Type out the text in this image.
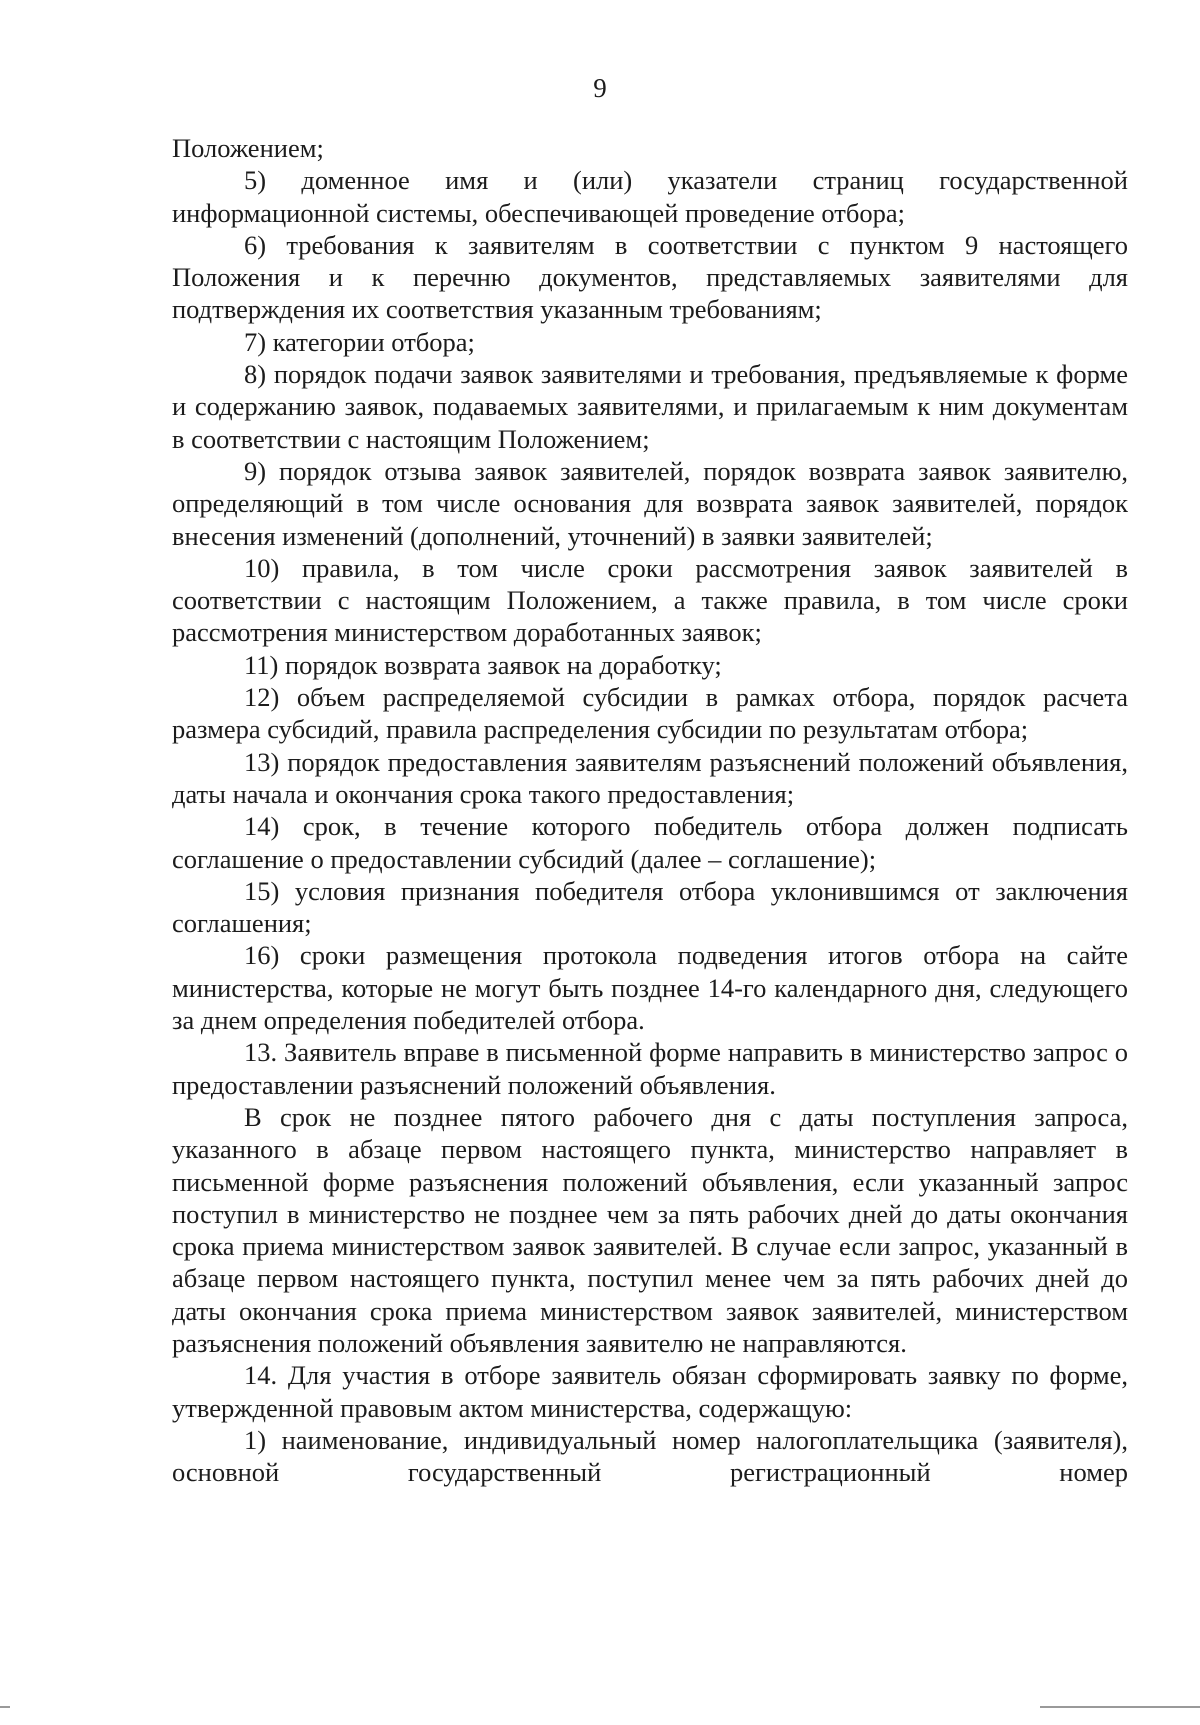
9

Положением;

5) доменное имя и (или) указатели страниц государственной информационной системы, обеспечивающей проведение отбора;

6) требования к заявителям в соответствии с пунктом 9 настоящего Положения и к перечню документов, представляемых заявителями для подтверждения их соответствия указанным требованиям;

7) категории отбора;

8) порядок подачи заявок заявителями и требования, предъявляемые к форме и содержанию заявок, подаваемых заявителями, и прилагаемым к ним документам в соответствии с настоящим Положением;

9) порядок отзыва заявок заявителей, порядок возврата заявок заявителю, определяющий в том числе основания для возврата заявок заявителей, порядок внесения изменений (дополнений, уточнений) в заявки заявителей;

10) правила, в том числе сроки рассмотрения заявок заявителей в соответствии с настоящим Положением, а также правила, в том числе сроки рассмотрения министерством доработанных заявок;

11) порядок возврата заявок на доработку;

12) объем распределяемой субсидии в рамках отбора, порядок расчета размера субсидий, правила распределения субсидии по результатам отбора;

13) порядок предоставления заявителям разъяснений положений объявления, даты начала и окончания срока такого предоставления;

14) срок, в течение которого победитель отбора должен подписать соглашение о предоставлении субсидий (далее – соглашение);

15) условия признания победителя отбора уклонившимся от заключения соглашения;

16) сроки размещения протокола подведения итогов отбора на сайте министерства, которые не могут быть позднее 14-го календарного дня, следующего за днем определения победителей отбора.

13. Заявитель вправе в письменной форме направить в министерство запрос о предоставлении разъяснений положений объявления.

В срок не позднее пятого рабочего дня с даты поступления запроса, указанного в абзаце первом настоящего пункта, министерство направляет в письменной форме разъяснения положений объявления, если указанный запрос поступил в министерство не позднее чем за пять рабочих дней до даты окончания срока приема министерством заявок заявителей. В случае если запрос, указанный в абзаце первом настоящего пункта, поступил менее чем за пять рабочих дней до даты окончания срока приема министерством заявок заявителей, министерством разъяснения положений объявления заявителю не направляются.

14. Для участия в отборе заявитель обязан сформировать заявку по форме, утвержденной правовым актом министерства, содержащую:

1) наименование, индивидуальный номер налогоплательщика (заявителя), основной государственный регистрационный номер
